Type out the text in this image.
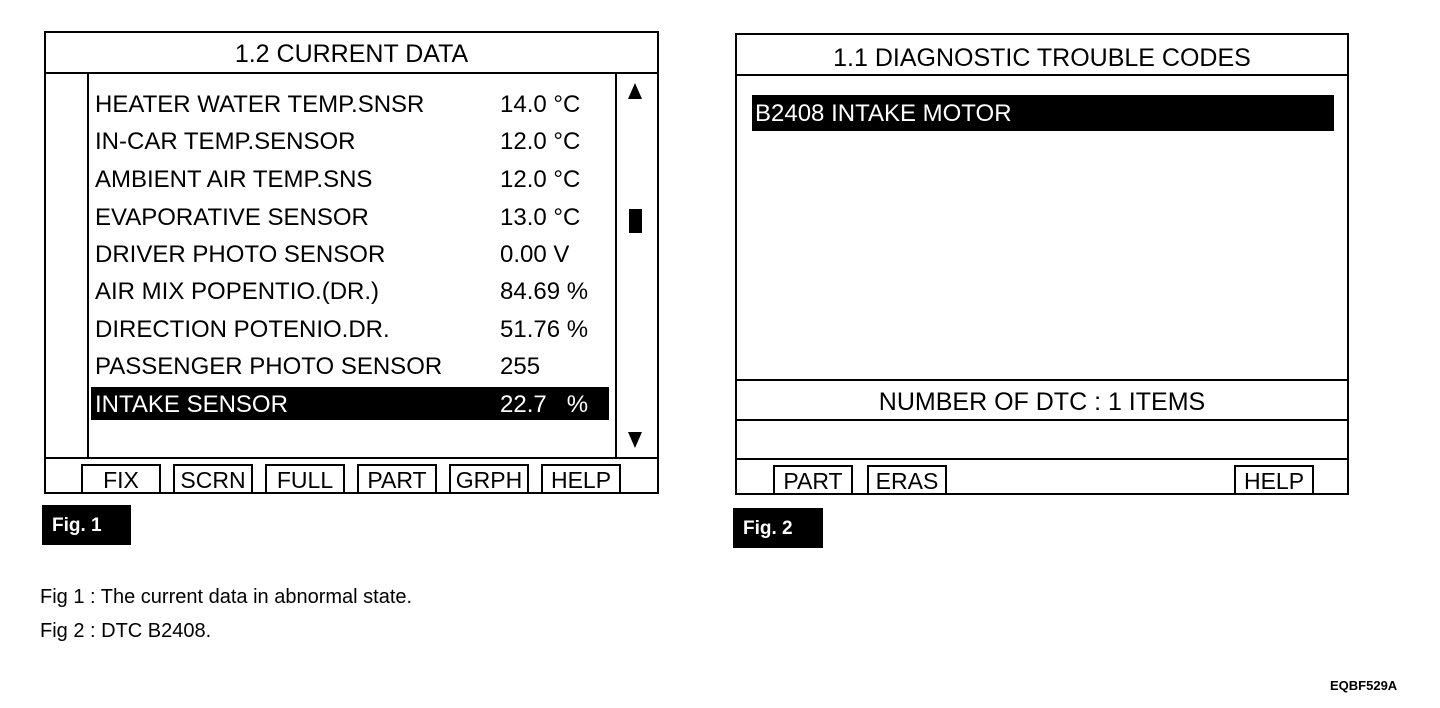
1.2 CURRENT DATA
HEATER WATER TEMP.SNSR	14.0 °C
IN-CAR TEMP.SENSOR	12.0 °C
AMBIENT AIR TEMP.SNS	12.0 °C
EVAPORATIVE SENSOR	13.0 °C
DRIVER PHOTO SENSOR	0.00 V
AIR MIX POPENTIO.(DR.)	84.69 %
DIRECTION POTENIO.DR.	51.76 %
PASSENGER PHOTO SENSOR 255
INTAKE SENSOR	22.7   %
FIX	SCRN	FULL	PART	GRPH	HELP
Fig. 1
1.1 DIAGNOSTIC TROUBLE CODES
B2408 INTAKE MOTOR
NUMBER OF DTC : 1 ITEMS
PART	ERAS	HELP
Fig. 2
Fig 1 : The current data in abnormal state.
Fig 2 : DTC B2408.
EQBF529A
